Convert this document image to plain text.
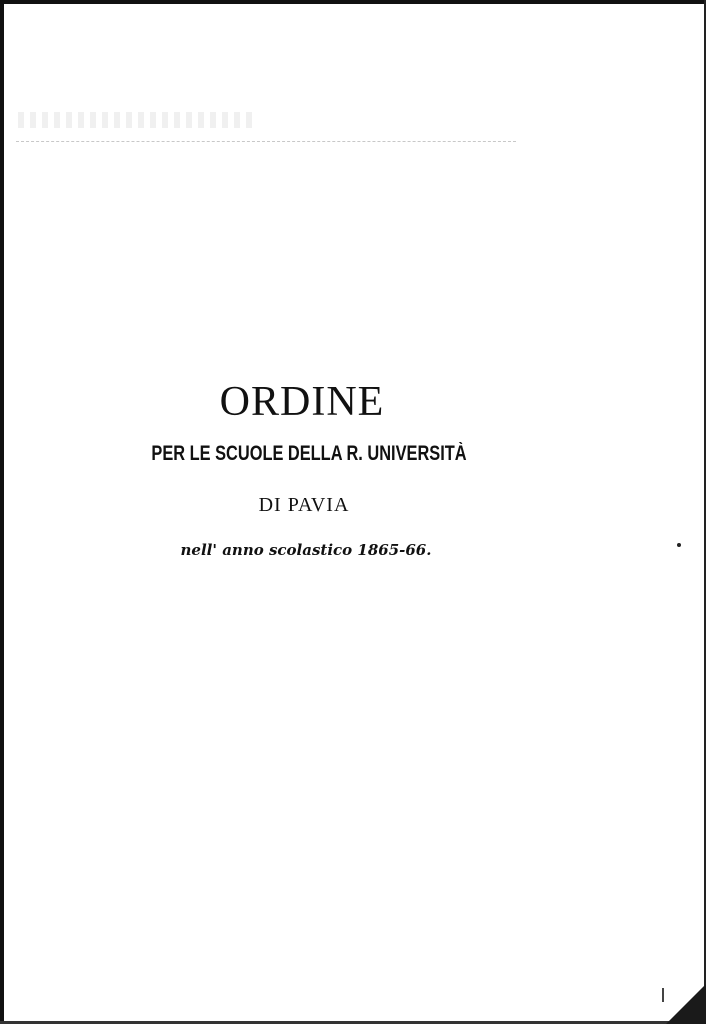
ORDINE
PER LE SCUOLE DELLA R. UNIVERSITÀ
DI PAVIA
nell' anno scolastico 1865-66.
